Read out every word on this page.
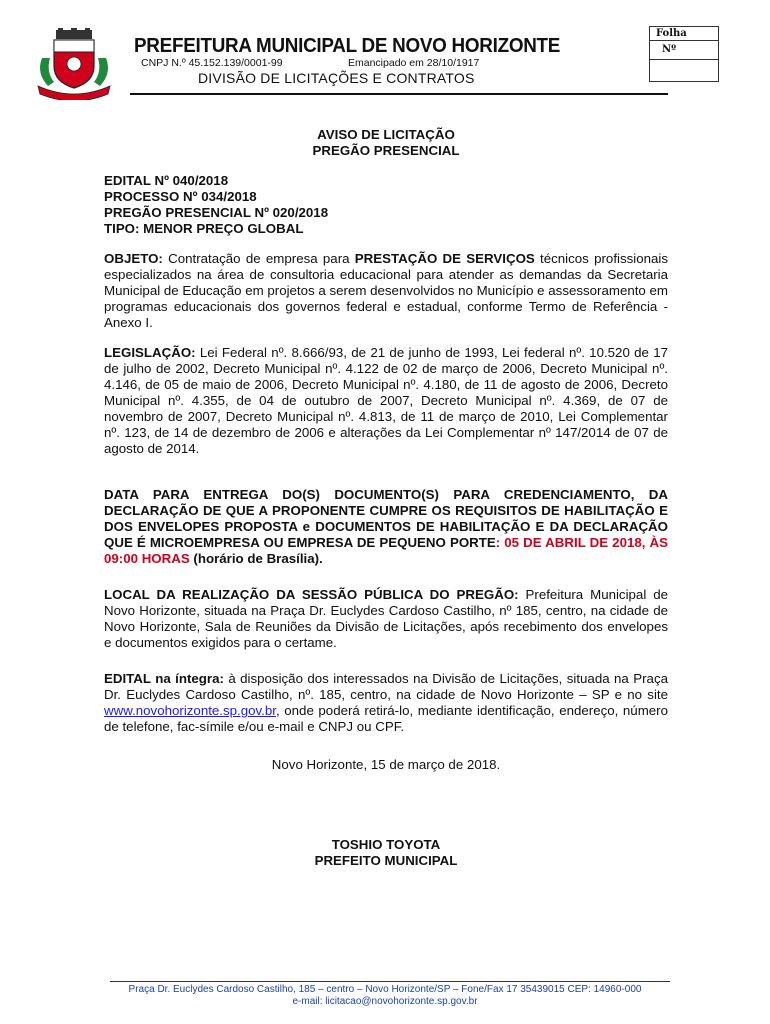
PREFEITURA MUNICIPAL DE NOVO HORIZONTE
CNPJ N.º 45.152.139/0001-99	Emancipado em 28/10/1917
DIVISÃO DE LICITAÇÕES E CONTRATOS
Folha
Nº
AVISO DE LICITAÇÃO
PREGÃO PRESENCIAL
EDITAL Nº 040/2018
PROCESSO Nº 034/2018
PREGÃO PRESENCIAL Nº 020/2018
TIPO: MENOR PREÇO GLOBAL

OBJETO: Contratação de empresa para PRESTAÇÃO DE SERVIÇOS técnicos profissionais especializados na área de consultoria educacional para atender as demandas da Secretaria Municipal de Educação em projetos a serem desenvolvidos no Município e assessoramento em programas educacionais dos governos federal e estadual, conforme Termo de Referência - Anexo I.

LEGISLAÇÃO: Lei Federal nº. 8.666/93, de 21 de junho de 1993, Lei federal nº. 10.520 de 17 de julho de 2002, Decreto Municipal nº. 4.122 de 02 de março de 2006, Decreto Municipal nº. 4.146, de 05 de maio de 2006, Decreto Municipal nº. 4.180, de 11 de agosto de 2006, Decreto Municipal nº. 4.355, de 04 de outubro de 2007, Decreto Municipal nº. 4.369, de 07 de novembro de 2007, Decreto Municipal nº. 4.813, de 11 de março de 2010, Lei Complementar nº. 123, de 14 de dezembro de 2006 e alterações da Lei Complementar nº 147/2014 de 07 de agosto de 2014.

DATA PARA ENTREGA DO(S) DOCUMENTO(S) PARA CREDENCIAMENTO, DA DECLARAÇÃO DE QUE A PROPONENTE CUMPRE OS REQUISITOS DE HABILITAÇÃO E DOS ENVELOPES PROPOSTA e DOCUMENTOS DE HABILITAÇÃO E DA DECLARAÇÃO QUE É MICROEMPRESA OU EMPRESA DE PEQUENO PORTE: 05 DE ABRIL DE 2018, ÀS 09:00 HORAS (horário de Brasília).

LOCAL DA REALIZAÇÃO DA SESSÃO PÚBLICA DO PREGÃO: Prefeitura Municipal de Novo Horizonte, situada na Praça Dr. Euclydes Cardoso Castilho, nº 185, centro, na cidade de Novo Horizonte, Sala de Reuniões da Divisão de Licitações, após recebimento dos envelopes e documentos exigidos para o certame.

EDITAL na íntegra: à disposição dos interessados na Divisão de Licitações, situada na Praça Dr. Euclydes Cardoso Castilho, nº. 185, centro, na cidade de Novo Horizonte – SP e no site www.novohorizonte.sp.gov.br, onde poderá retirá-lo, mediante identificação, endereço, número de telefone, fac-símile e/ou e-mail e CNPJ ou CPF.

Novo Horizonte, 15 de março de 2018.
TOSHIO TOYOTA
PREFEITO MUNICIPAL
Praça Dr. Euclydes Cardoso Castilho, 185 – centro – Novo Horizonte/SP – Fone/Fax 17 35439015 CEP: 14960-000
e-mail: licitacao@novohorizonte.sp.gov.br
